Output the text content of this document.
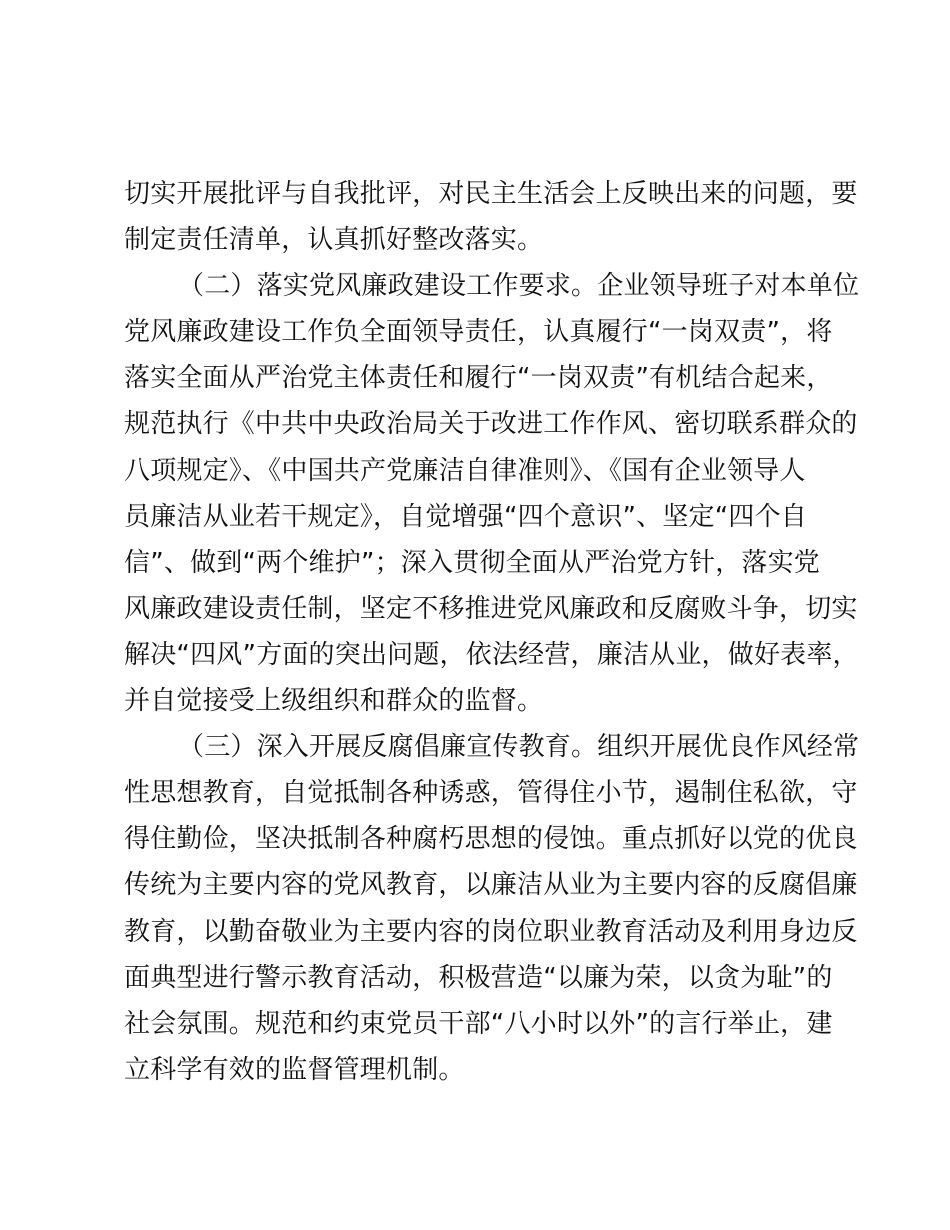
切实开展批评与自我批评，对民主生活会上反映出来的问题，要
制定责任清单，认真抓好整改落实。
（二）落实党风廉政建设工作要求。企业领导班子对本单位
党风廉政建设工作负全面领导责任，认真履行“一岗双责”，将
落实全面从严治党主体责任和履行“一岗双责”有机结合起来，
规范执行《中共中央政治局关于改进工作作风、密切联系群众的
八项规定》、《中国共产党廉洁自律准则》、《国有企业领导人
员廉洁从业若干规定》，自觉增强“四个意识”、坚定“四个自
信”、做到“两个维护”；深入贯彻全面从严治党方针，落实党
风廉政建设责任制，坚定不移推进党风廉政和反腐败斗争，切实
解决“四风”方面的突出问题，依法经营，廉洁从业，做好表率，
并自觉接受上级组织和群众的监督。
（三）深入开展反腐倡廉宣传教育。组织开展优良作风经常
性思想教育，自觉抵制各种诱惑，管得住小节，遏制住私欲，守
得住勤俭，坚决抵制各种腐朽思想的侵蚀。重点抓好以党的优良
传统为主要内容的党风教育，以廉洁从业为主要内容的反腐倡廉
教育，以勤奋敬业为主要内容的岗位职业教育活动及利用身边反
面典型进行警示教育活动，积极营造“以廉为荣，以贪为耻”的
社会氛围。规范和约束党员干部“八小时以外”的言行举止，建
立科学有效的监督管理机制。
